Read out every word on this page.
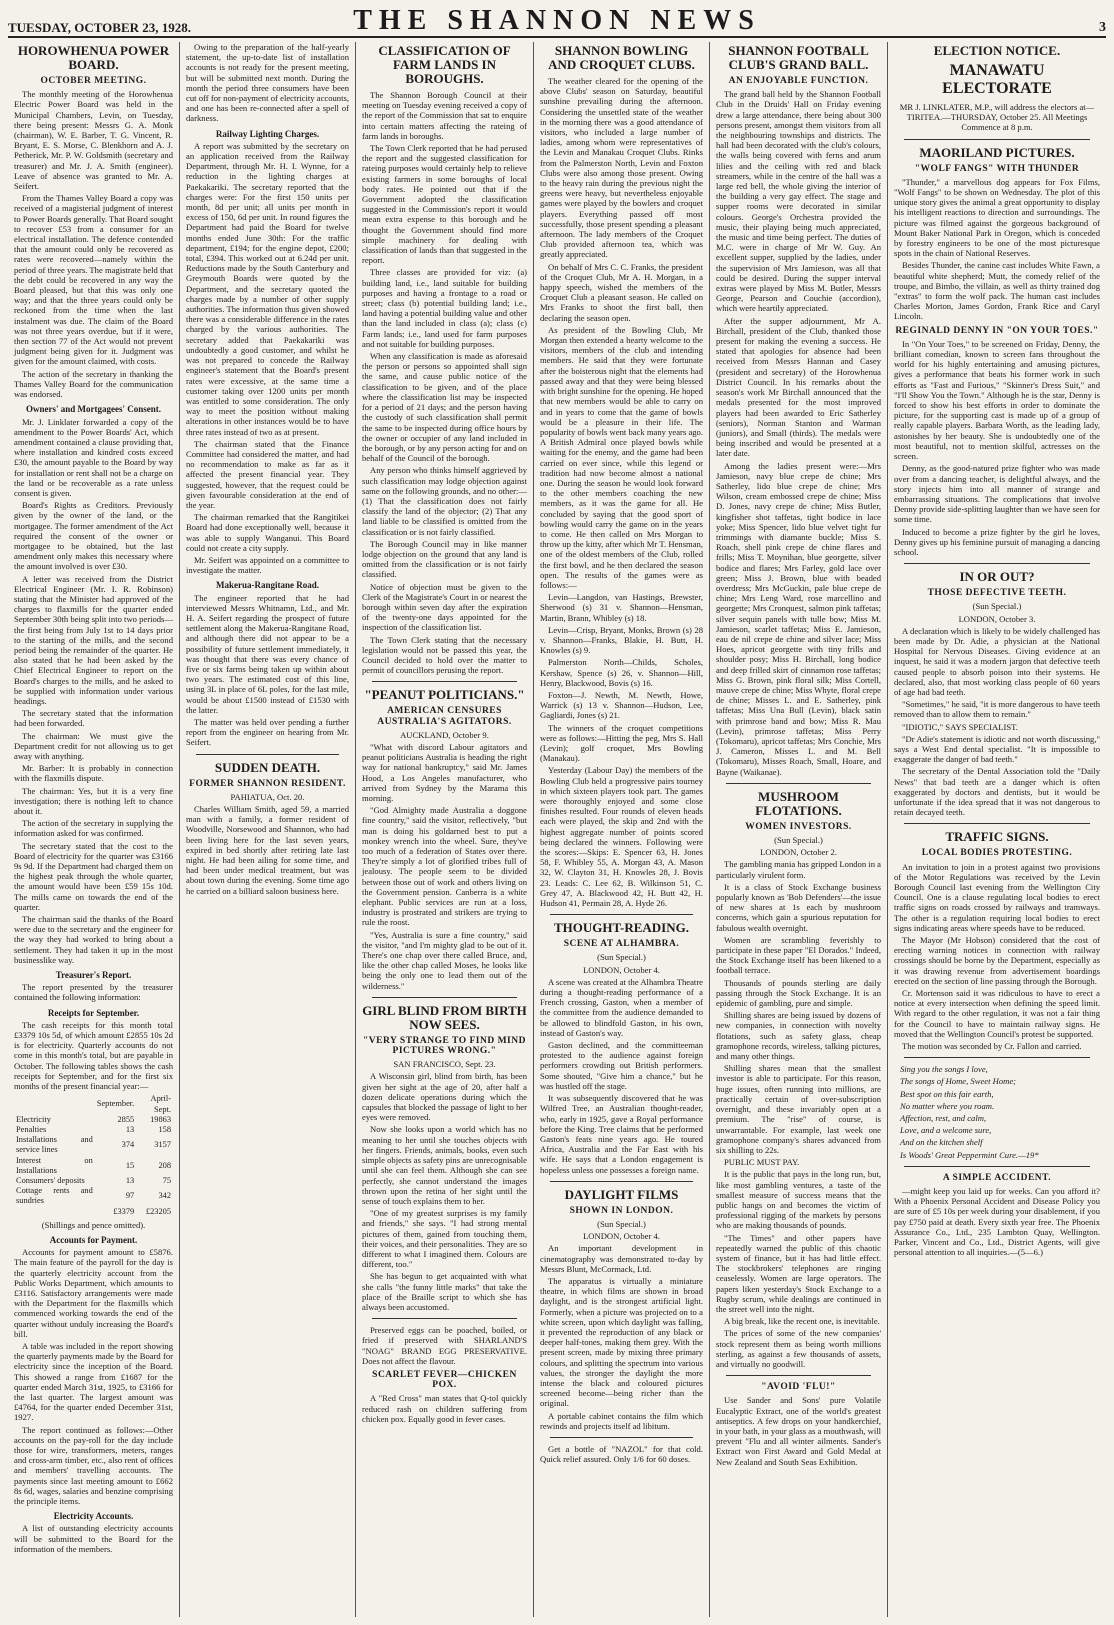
TUESDAY, OCTOBER 23, 1928.	THE SHANNON NEWS	3
HOROWHENUA POWER BOARD.
OCTOBER MEETING.

The monthly meeting of the Horowhenua Electric Power Board was held in the Municipal Chambers, Levin, on Tuesday, there being present: Messrs G. A. Monk (chairman), W. E. Barber, T. G. Vincent, R. Bryant, E. S. Morse, C. Blenkhorn and A. J. Petherick, Mr. P. W. Goldsmith (secretary and treasurer) and Mr. J. A. Smith (engineer). Leave of absence was granted to Mr. A. Seifert.

From the Thames Valley Board a copy was received of a magisterial judgment of interest to Power Boards generally. That Board sought to recover £53 from a consumer for an electrical installation. The defence contended that the amount could only be recovered as rates were recovered—namely within the period of three years. The magistrate held that the debt could be recovered in any way the Board pleased, but that this was only one way; and that the three years could only be reckoned from the time when the last instalment was due. The claim of the Board was not three years overdue, but if it were, then section 77 of the Act would not prevent judgment being given for it. Judgment was given for the amount claimed, with costs.

The action of the secretary in thanking the Thames Valley Board for the communication was endorsed.

Owners' and Mortgagees' Consent.

Mr. J. Linklater forwarded a copy of the amendment to the Power Boards' Act, which amendment contained a clause providing that, where installation and kindred costs exceed £30, the amount payable to the Board by way for installation or rent shall not be a charge on the land or be recoverable as a rate unless consent is given.

Board's Rights as Creditors. Previously given by the owner of the land, or the mortgagee. The former amendment of the Act required the consent of the owner or mortgagee to be obtained, but the last amendment only makes this necessary where the amount involved is over £30.

A letter was received from the District Electrical Engineer (Mr. I. R. Robinson) stating that the Minister had approved of the charges to flaxmills for the quarter ended September 30th being split into two periods—the first being from July 1st to 14 days prior to the starting of the mills, and the second period being the remainder of the quarter. He also stated that he had been asked by the Chief Electrical Engineer to report on the Board's charges to the mills, and he asked to be supplied with information under various headings.

The secretary stated that the information had been forwarded.

The chairman: We must give the Department credit for not allowing us to get away with anything.

Mr. Barber: It is probably in connection with the flaxmills dispute.

The chairman: Yes, but it is a very fine investigation; there is nothing left to chance about it.

The action of the secretary in supplying the information asked for was confirmed.

The secretary stated that the cost to the Board of electricity for the quarter was £3166 9s 9d. If the Department had charged them on the highest peak through the whole quarter, the amount would have been £59 15s 10d. The mills came on towards the end of the quarter.

The chairman said the thanks of the Board were due to the secretary and the engineer for the way they had worked to bring about a settlement. They had taken it up in the most businesslike way.

Treasurer's Report.

The report presented by the treasurer contained the following information:

Receipts for September.

The cash receipts for this month total £3379 10s 5d, of which amount £2855 10s 2d is for electricity. Quarterly accounts do not come in this month's total, but are payable in October. The following tables shows the cash receipts for September, and for the first six months of the present financial year:—

	September.	April-Sept.
Electricity	2855	19863
Penalties	13	158
Installations and service lines	374	3157
Interest on Installations	15	208
Consumers' deposits	13	75
Cottage rents and sundries	97	342
	£3379	£23205

(Shillings and pence omitted).

Accounts for Payment.

Accounts for payment amount to £5876. The main feature of the payroll for the day is the quarterly electricity account from the Public Works Department, which amounts to £3116. Satisfactory arrangements were made with the Department for the flaxmills which commenced working towards the end of the quarter without unduly increasing the Board's bill.

A table was included in the report showing the quarterly payments made by the Board for electricity since the inception of the Board. This showed a range from £1687 for the quarter ended March 31st, 1925, to £3166 for the last quarter. The largest amount was £4764, for the quarter ended December 31st, 1927.

The report continued as follows:—Other accounts on the pay-roll for the day include those for wire, transformers, meters, ranges and cross-arm timber, etc., also rent of offices and members' travelling accounts. The payments since last meeting amount to £662 8s 6d, wages, salaries and benzine comprising the principle items.

Electricity Accounts.

A list of outstanding electricity accounts will be submitted to the Board for the information of the members.

Owing to the preparation of the half-yearly statement, the up-to-date list of installation accounts is not ready for the present meeting, but will be submitted next month. During the month the period three consumers have been cut off for non-payment of electricity accounts, and one has been re-connected after a spell of darkness.

Railway Lighting Charges.

A report was submitted by the secretary on an application received from the Railway Department, through Mr. H. I. Wynne, for a reduction in the lighting charges at Paekakariki. The secretary reported that the charges were: For the first 150 units per month, 8d per unit; all units per month in excess of 150, 6d per unit. In round figures the Department had paid the Board for twelve months ended June 30th: For the traffic department, £194; for the engine depot, £200; total, £394. This worked out at 6.24d per unit. Reductions made by the South Canterbury and Greymouth Boards were quoted by the Department, and the secretary quoted the charges made by a number of other supply authorities. The information thus given showed there was a considerable difference in the rates charged by the various authorities. The secretary added that Paekakariki was undoubtedly a good customer, and whilst he was not prepared to concede the Railway engineer's statement that the Board's present rates were excessive, at the same time a customer taking over 1200 units per month was entitled to some consideration. The only way to meet the position without making alterations in other instances would be to have three rates instead of two as at present.

The chairman stated that the Finance Committee had considered the matter, and had no recommendation to make as far as it affected the present financial year. They suggested, however, that the request could be given favourable consideration at the end of the year.

The chairman remarked that the Rangitikei Board had done exceptionally well, because it was able to supply Wanganui. This Board could not create a city supply.

Mr. Seifert was appointed on a committee to investigate the matter.

Makerua-Rangitane Road.

The engineer reported that he had interviewed Messrs Whitnamn, Ltd., and Mr. H. A. Seifert regarding the prospect of future settlement along the Makerua-Rangitane Road, and although there did not appear to be a possibility of future settlement immediately, it was thought that there was every chance of five or six farms being taken up within about two years. The estimated cost of this line, using 3L in place of 6L poles, for the last mile, would be about £1500 instead of £1530 with the latter.

The matter was held over pending a further report from the engineer on hearing from Mr. Seifert.

SUDDEN DEATH.
FORMER SHANNON RESIDENT.

PAHIATUA, Oct. 20.

Charles William Smith, aged 59, a married man with a family, a former resident of Woodville, Norsewood and Shannon, who had been living here for the last seven years, expired in bed shortly after retiring late last night. He had been ailing for some time, and had been under medical treatment, but was about town during the evening. Some time ago he carried on a billiard saloon business here.

CLASSIFICATION OF FARM LANDS IN BOROUGHS.

The Shannon Borough Council at their meeting on Tuesday evening received a copy of the report of the Commission that sat to enquire into certain matters affecting the rateing of farm lands in boroughs.

The Town Clerk reported that he had perused the report and the suggested classification for rateing purposes would certainly help to relieve existing farmers in some boroughs of local body rates. He pointed out that if the Government adopted the classification suggested in the Commission's report it would mean extra expense to this borough and he thought the Government should find more simple machinery for dealing with classification of lands than that suggested in the report.

Three classes are provided for viz: (a) building land, i.e., land suitable for building purposes and having a frontage to a road or street; class (b) potential building land; i.e., land having a potential building value and other than the land included in class (a); class (c) Farm lands; i.e., land used for farm purposes and not suitable for building purposes.

When any classification is made as aforesaid the person or persons so appointed shall sign the same, and cause public notice of the classification to be given, and of the place where the classification list may be inspected for a period of 21 days; and the person having the custody of such classification shall permit the same to be inspected during office hours by the owner or occupier of any land included in the borough, or by any person acting for and on behalf of the Council of the borough.

Any person who thinks himself aggrieved by such classification may lodge objection against same on the following grounds, and no other:—(1) That the classification does not fairly classify the land of the objector; (2) That any land liable to be classified is omitted from the classification or is not fairly classified.

The Borough Council may in like manner lodge objection on the ground that any land is omitted from the classification or is not fairly classified.

Notice of objection must be given to the Clerk of the Magistrate's Court in or nearest the borough within seven day after the expiration of the twenty-one days appointed for the inspection of the classification list.

The Town Clerk stating that the necessary legislation would not be passed this year, the Council decided to hold over the matter to permit of councillors perusing the report.

"PEANUT POLITICIANS."
AMERICAN CENSURES AUSTRALIA'S AGITATORS.

AUCKLAND, October 9.

"What with discord Labour agitators and peanut politicians Australia is heading the right way for national bankruptcy," said Mr. James Hood, a Los Angeles manufacturer, who arrived from Sydney by the Marama this morning.

"God Almighty made Australia a doggone fine country," said the visitor, reflectively, "but man is doing his goldarned best to put a monkey wrench into the wheel. Sure, they've too much of a federation of States over there. They're simply a lot of glorified tribes full of jealousy. The people seem to be divided between those out of work and others living on the Government pension. Canberra is a white elephant. Public services are run at a loss, industry is prostrated and strikers are trying to rule the roost.

"Yes, Australia is sure a fine country," said the visitor, "and I'm mighty glad to be out of it. There's one chap over there called Bruce, and, like the other chap called Moses, he looks like being the only one to lead them out of the wilderness."

GIRL BLIND FROM BIRTH NOW SEES.
"VERY STRANGE TO FIND MIND PICTURES WRONG."

SAN FRANCISCO, Sept. 23.

A Wisconsin girl, blind from birth, has been given her sight at the age of 20, after half a dozen delicate operations during which the capsules that blocked the passage of light to her eyes were removed.

Now she looks upon a world which has no meaning to her until she touches objects with her fingers. Friends, animals, books, even such simple objects as safety pins are unrecognisable until she can feel them. Although she can see perfectly, she cannot understand the images thrown upon the retina of her sight until the sense of touch explains them to her.

"One of my greatest surprises is my family and friends," she says. "I had strong mental pictures of them, gained from touching them, their voices, and their personalities. They are so different to what I imagined them. Colours are different, too."

She has begun to get acquainted with what she calls "the funny little marks" that take the place of the Braille script to which she has always been accustomed.

Preserved eggs can be poached, boiled, or fried if preserved with SHARLAND'S "NOAG" BRAND EGG PRESERVATIVE. Does not affect the flavour.

SCARLET FEVER—CHICKEN POX.

A "Red Cross" man states that Q-tol quickly reduced rash on children suffering from chicken pox. Equally good in fever cases.

SHANNON BOWLING AND CROQUET CLUBS.

The weather cleared for the opening of the above Clubs' season on Saturday, beautiful sunshine prevailing during the afternoon. Considering the unsettled state of the weather in the morning there was a good attendance of visitors, who included a large number of ladies, among whom were representatives of the Levin and Manakau Croquet Clubs. Rinks from the Palmerston North, Levin and Foxton Clubs were also among those present. Owing to the heavy rain during the previous night the greens were heavy, but nevertheless enjoyable games were played by the bowlers and croquet players. Everything passed off most successfully, those present spending a pleasant afternoon. The lady members of the Croquet Club provided afternoon tea, which was greatly appreciated.

On behalf of Mrs C. C. Franks, the president of the Croquet Club, Mr A. H. Morgan, in a happy speech, wished the members of the Croquet Club a pleasant season. He called on Mrs Franks to shoot the first ball, then declaring the season open.

As president of the Bowling Club, Mr Morgan then extended a hearty welcome to the visitors, members of the club and intending members. He said that they were fortunate after the boisterous night that the elements had passed away and that they were being blessed with bright sunshine for the opening. He hoped that new members would be able to carry on and in years to come that the game of bowls would be a pleasure in their life. The popularity of bowls went back many years ago. A British Admiral once played bowls while waiting for the enemy, and the game had been carried on ever since, while this legend or tradition had now become almost a national one. During the season he would look forward to the other members coaching the new members, as it was the game for all. He concluded by saying that the good sport of bowling would carry the game on in the years to come. He then called on Mrs Morgan to throw up the kitty, after which Mr T. Hensman, one of the oldest members of the Club, rolled the first bowl, and he then declared the season open. The results of the games were as follows:—

Levin—Langdon, van Hastings, Brewster, Sherwood (s) 31 v. Shannon—Hensman, Martin, Brann, Whibley (s) 18.

Levin—Crisp, Bryant, Monks, Brown (s) 28 v. Shannon—Franks, Blakie, H. Butt, H. Knowles (s) 9.

Palmerston North—Childs, Scholes, Kershaw, Spence (s) 26, v. Shannon—Hill, Henry, Blackwood, Bovis (s) 16.

Foxton—J. Newth, M. Newth, Howe, Warrick (s) 13 v. Shannon—Hudson, Lee, Gagliardi, Jones (s) 21.

The winners of the croquet competitions were as follows:—Hitting the peg, Mrs S. Hall (Levin); golf croquet, Mrs Bowling (Manakau).

Yesterday (Labour Day) the members of the Bowling Club held a progressive pairs tourney in which sixteen players took part. The games were thoroughly enjoyed and some close finishes resulted. Four rounds of eleven heads each were played, the skip and 2nd with the highest aggregate number of points scored being declared the winners. Following were the scores:—Skips: E. Spencer 63, H. Jones 58, F. Whibley 55, A. Morgan 43, A. Mason 32, W. Clayton 31, H. Knowles 28, J. Bovis 23. Leads: C. Lee 62, B. Wilkinson 51, C. Grey 47, A. Blackwood 42, H. Butt 42, H. Hudson 41, Permain 28, A. Hyde 26.

THOUGHT-READING.
SCENE AT ALHAMBRA.

(Sun Special.)

LONDON, October 4.

A scene was created at the Alhambra Theatre during a thought-reading performance of a French crossing, Gaston, when a member of the committee from the audience demanded to be allowed to blindfold Gaston, in his own, instead of Gaston's way.

Gaston declined, and the committeeman protested to the audience against foreign performers crowding out British performers. Some shouted, "Give him a chance," but he was hustled off the stage.

It was subsequently discovered that he was Wilfred Tree, an Australian thought-reader, who, early in 1925, gave a Royal performance before the King. Tree claims that he performed Gaston's feats nine years ago. He toured Africa, Australia and the Far East with his wife. He says that a London engagement is hopeless unless one possesses a foreign name.

DAYLIGHT FILMS
SHOWN IN LONDON.

(Sun Special.)

LONDON, October 4.

An important development in cinematography was demonstrated to-day by Messrs Blunt, McCormack, Ltd.

The apparatus is virtually a miniature theatre, in which films are shown in broad daylight, and is the strongest artificial light. Formerly, when a picture was projected on to a white screen, upon which daylight was falling, it prevented the reproduction of any black or deeper half-tones, making them grey. With the present screen, made by mixing three primary colours, and splitting the spectrum into various values, the stronger the daylight the more intense the black and coloured pictures screened become—being richer than the original.

A portable cabinet contains the film which rewinds and projects itself ad libitum.

Get a bottle of "NAZOL" for that cold. Quick relief assured. Only 1/6 for 60 doses.

SHANNON FOOTBALL CLUB'S GRAND BALL.
AN ENJOYABLE FUNCTION.

The grand ball held by the Shannon Football Club in the Druids' Hall on Friday evening drew a large attendance, there being about 300 persons present, amongst them visitors from all the neighbouring townships and districts. The hall had been decorated with the club's colours, the walls being covered with ferns and arum lilies and the ceiling with red and black streamers, while in the centre of the hall was a large red bell, the whole giving the interior of the building a very gay effect. The stage and supper rooms were decorated in similar colours. George's Orchestra provided the music, their playing being much appreciated, the music and time being perfect. The duties of M.C. were in charge of Mr W. Guy. An excellent supper, supplied by the ladies, under the supervision of Mrs Jamieson, was all that could be desired. During the supper interval extras were played by Miss M. Butler, Messrs George, Pearson and Couchie (accordion), which were heartily appreciated.

After the supper adjournment, Mr A. Birchall, president of the Club, thanked those present for making the evening a success. He stated that apologies for absence had been received from Messrs Hannan and Casey (president and secretary) of the Horowhenua District Council. In his remarks about the season's work Mr Birchall announced that the medals presented for the most improved players had been awarded to Eric Satherley (seniors), Norman Stanton and Warman (juniors), and Small (thirds). The medals were being inscribed and would be presented at a later date.

Among the ladies present were:—Mrs Jamieson, navy blue crepe de chine; Mrs Satherley, lido blue crepe de chine; Mrs Wilson, cream embossed crepe de chine; Miss D. Jones, navy crepe de chine; Miss Butler, kingfisher shot taffetas, tight bodice in lace yoke; Miss Spencer, lido blue velvet tight fur trimmings with diamante buckle; Miss S. Roach, shell pink crepe de chine flares and frills; Miss T. Moynihan, blue georgette, silver bodice and flares; Mrs Farley, gold lace over green; Miss J. Brown, blue with beaded overdress; Mrs McGuckin, pale blue crepe de chine; Mrs Leng Ward, rose marcellino and georgette; Mrs Cronquest, salmon pink taffetas; silver sequin panels with tulle bow; Miss M. Jamieson, scarlet taffetas; Miss E. Jamieson, eau de nil crepe de chine and silver lace; Miss Hoes, apricot georgette with tiny frills and shoulder posy; Miss H. Birchall, long bodice and deep frilled skirt of cinnamon rose taffetas; Miss G. Brown, pink floral silk; Miss Cortell, mauve crepe de chine; Miss Whyte, floral crepe de chine; Misses L. and E. Satherley, pink taffetas; Miss Una Bull (Levin), black satin with primrose band and bow; Miss R. Mau (Levin), primrose taffetas; Miss Perry (Tokomaru), apricot taffetas; Mrs Conchie, Mrs J. Cameron, Misses L. and M. Bell (Tokomaru), Misses Roach, Small, Hoare, and Bayne (Waikanae).

MUSHROOM FLOTATIONS.
WOMEN INVESTORS.

(Sun Special.)

LONDON, October 2.

The gambling mania has gripped London in a particularly virulent form.

It is a class of Stock Exchange business popularly known as 'Bob Defenders'—the issue of new shares at 1s each by mushroom concerns, which gain a spurious reputation for fabulous wealth overnight.

Women are scrambling feverishly to participate in these paper "El Dorados." Indeed, the Stock Exchange itself has been likened to a football terrace.

Thousands of pounds sterling are daily passing through the Stock Exchange. It is an epidemic of gambling, pure and simple.

Shilling shares are being issued by dozens of new companies, in connection with novelty flotations, such as safety glass, cheap gramophone records, wireless, talking pictures, and many other things.

Shilling shares mean that the smallest investor is able to participate. For this reason, huge issues, often running into millions, are practically certain of over-subscription overnight, and these invariably open at a premium. The "rise" of course, is unwarrantable. For example, last week one gramophone company's shares advanced from six shilling to 22s.

PUBLIC MUST PAY.

It is the public that pays in the long run, but, like most gambling ventures, a taste of the smallest measure of success means that the public hangs on and becomes the victim of professional rigging of the markets by persons who are making thousands of pounds.

"The Times" and other papers have repeatedly warned the public of this chaotic system of finance, but it has had little effect. The stockbrokers' telephones are ringing ceaselessly. Women are large operators. The papers liken yesterday's Stock Exchange to a Rugby scrum, while dealings are continued in the street well into the night.

A big break, like the recent one, is inevitable.

The prices of some of the new companies' stock represent them as being worth millions sterling, as against a few thousands of assets, and virtually no goodwill.

"AVOID 'FLU!"

Use Sander and Sons' pure Volatile Eucalyptic Extract, one of the world's greatest antiseptics. A few drops on your handkerchief, in your bath, in your glass as a mouthwash, will prevent "Flu and all winter ailments. Sander's Extract won First Award and Gold Medal at New Zealand and South Seas Exhibition.

ELECTION NOTICE.
MANAWATU ELECTORATE

MR J. LINKLATER, M.P., will address the electors at— TIRITEA.—THURSDAY, October 25. All Meetings Commence at 8 p.m.

MAORILAND PICTURES.
"WOLF FANGS" WITH THUNDER

"Thunder," a marvellous dog appears for Fox Films, "Wolf Fangs" to be shown on Wednesday. The plot of this unique story gives the animal a great opportunity to display his intelligent reactions to direction and surroundings. The picture was filmed against the gorgeous background of Mount Baker National Park in Oregon, which is conceded by forestry engineers to be one of the most picturesque spots in the chain of National Reserves.

Besides Thunder, the canine cast includes White Fawn, a beautiful white shepherd; Mutt, the comedy relief of the troupe, and Bimbo, the villain, as well as thirty trained dog "extras" to form the wolf pack. The human cast includes Charles Morton, James Gordon, Frank Rice and Caryl Lincoln.

REGINALD DENNY IN "ON YOUR TOES."

In "On Your Toes," to be screened on Friday, Denny, the brilliant comedian, known to screen fans throughout the world for his highly entertaining and amusing pictures, gives a performance that beats his former work in such efforts as "Fast and Furious," "Skinner's Dress Suit," and "I'll Show You the Town." Although he is the star, Denny is forced to show his best efforts in order to dominate the picture, for the supporting cast is made up of a group of really capable players. Barbara Worth, as the leading lady, astonishes by her beauty. She is undoubtedly one of the most beautiful, not to mention skilful, actresses on the screen.

Denny, as the good-natured prize fighter who was made over from a dancing teacher, is delightful always, and the story injects him into all manner of strange and embarrassing situations. The complications that involve Denny provide side-splitting laughter than we have seen for some time.

Induced to become a prize fighter by the girl he loves, Denny gives up his feminine pursuit of managing a dancing school.

IN OR OUT?
THOSE DEFECTIVE TEETH.

(Sun Special.)

LONDON, October 3.

A declaration which is likely to be widely challenged has been made by Dr. Adie, a physician at the National Hospital for Nervous Diseases. Giving evidence at an inquest, he said it was a modern jargon that defective teeth caused people to absorb poison into their systems. He declared, also, that most working class people of 60 years of age had bad teeth.

"Sometimes," he said, "it is more dangerous to have teeth removed than to allow them to remain."

"IDIOTIC," SAYS SPECIALIST.

"Dr Adie's statement is idiotic and not worth discussing," says a West End dental specialist. "It is impossible to exaggerate the danger of bad teeth."

The secretary of the Dental Association told the "Daily News" that bad teeth are a danger which is often exaggerated by doctors and dentists, but it would be unfortunate if the idea spread that it was not dangerous to retain decayed teeth.

TRAFFIC SIGNS.
LOCAL BODIES PROTESTING.

An invitation to join in a protest against two provisions of the Motor Regulations was received by the Levin Borough Council last evening from the Wellington City Council. One is a clause regulating local bodies to erect traffic signs on roads crossed by railways and tramways. The other is a regulation requiring local bodies to erect signs indicating areas where speeds have to be reduced.

The Mayor (Mr Hobson) considered that the cost of erecting warning notices in connection with railway crossings should be borne by the Department, especially as it was drawing revenue from advertisement boardings erected on the section of line passing through the Borough.

Cr. Mortenson said it was ridiculous to have to erect a notice at every intersection when defining the speed limit. With regard to the other regulation, it was not a fair thing for the Council to have to maintain railway signs. He moved that the Wellington Council's protest be supported.

The motion was seconded by Cr. Fallon and carried.

Sing you the songs I love,

The songs of Home, Sweet Home;

Best spot on this fair earth,

No matter where you roam.

Affection, rest, and calm,

Love, and a welcome sure,

And on the kitchen shelf

Is Woods' Great Peppermint Cure.—19*

A SIMPLE ACCIDENT.

—might keep you laid up for weeks. Can you afford it? With a Phoenix Personal Accident and Disease Policy you are sure of £5 10s per week during your disablement, if you pay £750 paid at death. Every sixth year free. The Phoenix Assurance Co., Ltd., 235 Lambton Quay, Wellington. Parker, Vincent and Co., Ltd., District Agents, will give personal attention to all inquiries.—(5—6.)
